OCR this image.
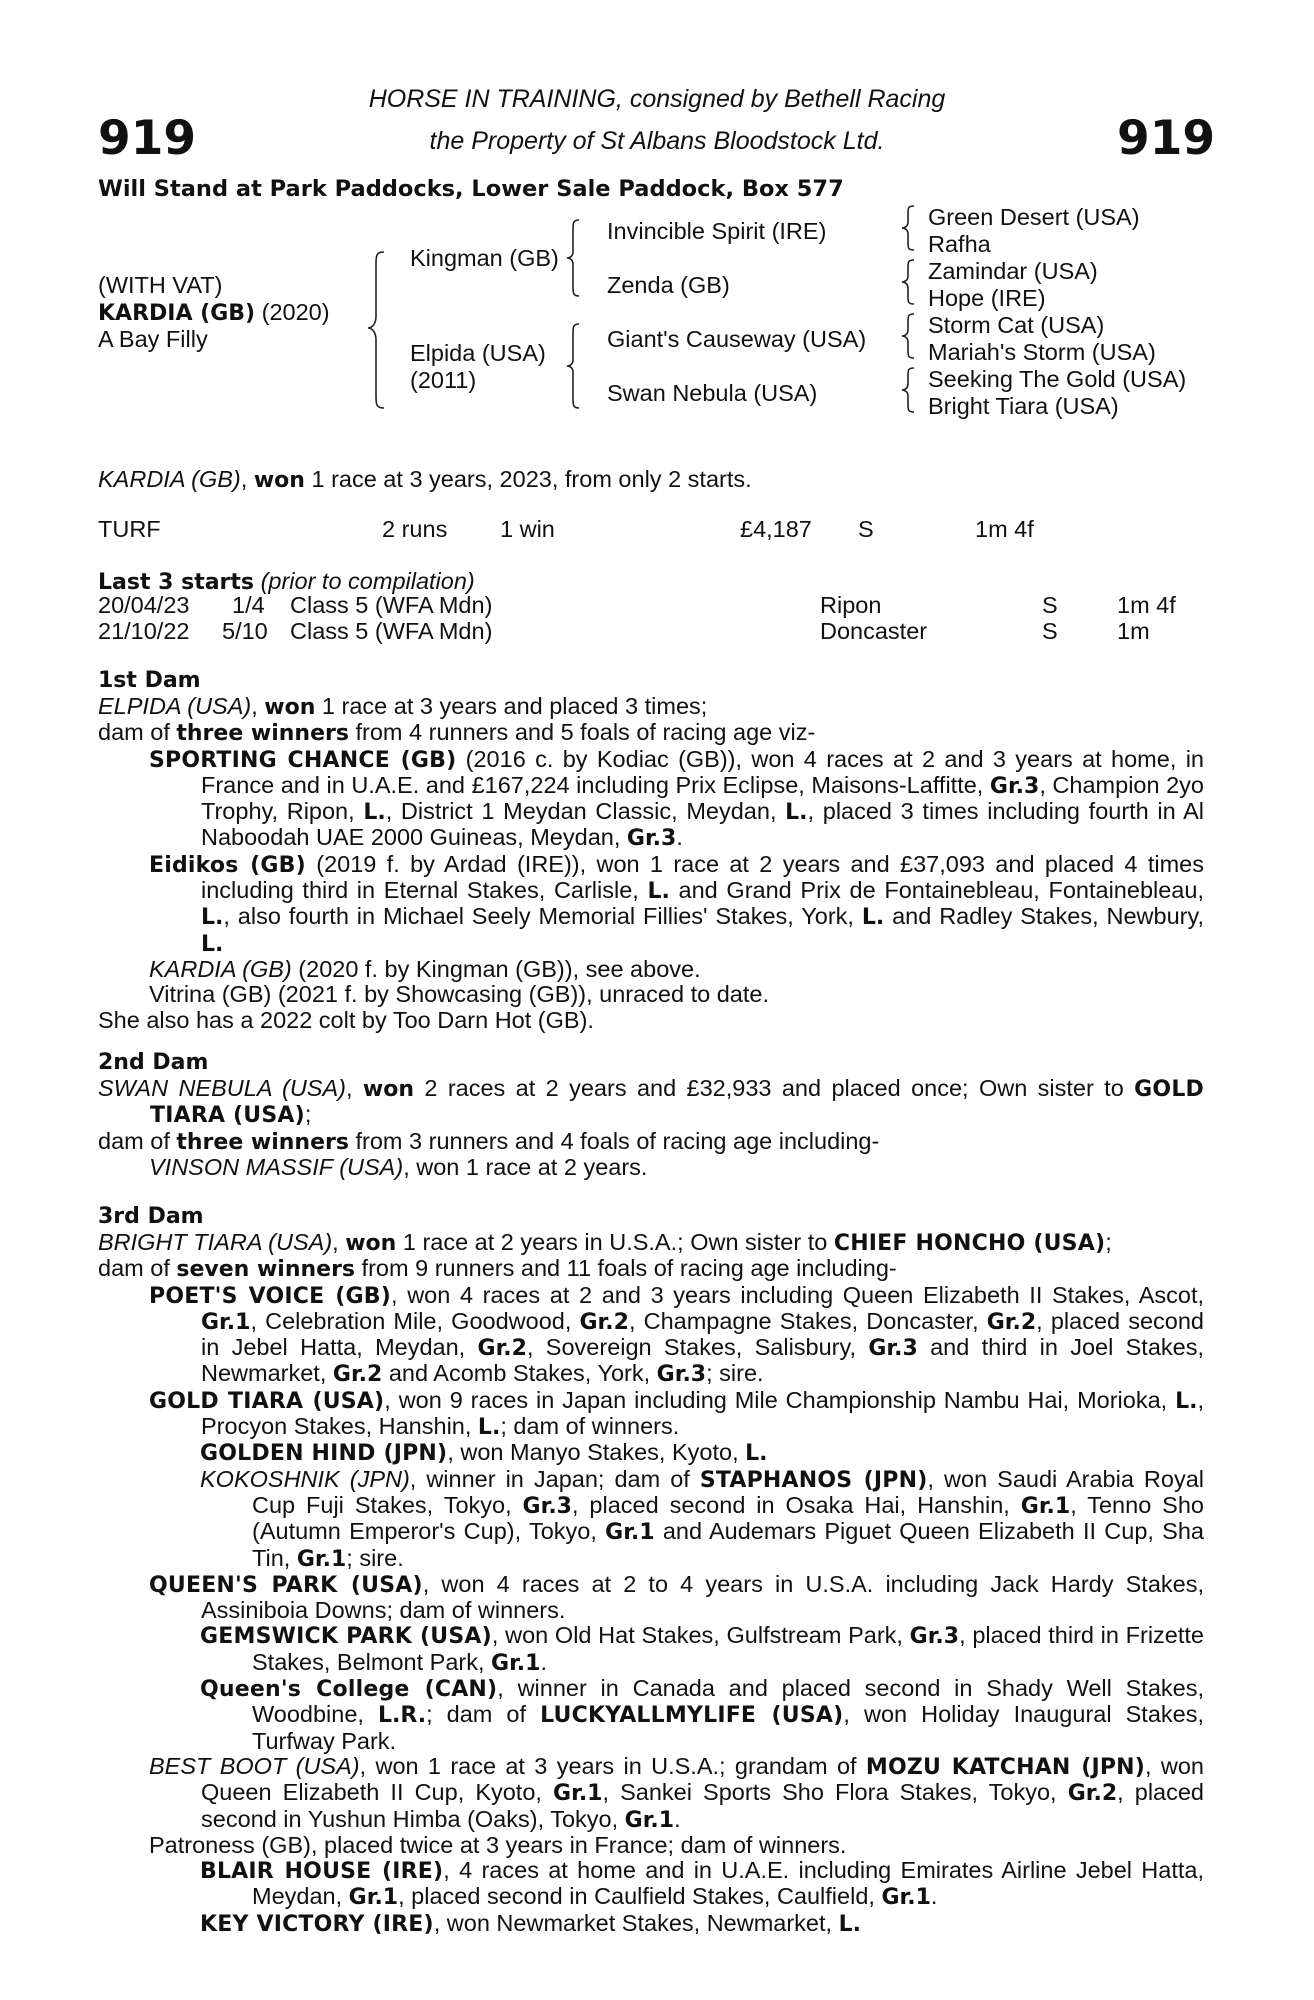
919	919
HORSE IN TRAINING, consigned by Bethell Racing
the Property of St Albans Bloodstock Ltd.
Will Stand at Park Paddocks, Lower Sale Paddock, Box 577
(WITH VAT)
KARDIA (GB) (2020)
A Bay Filly
Kingman (GB)
Elpida (USA)
(2011)
Invincible Spirit (IRE)
Zenda (GB)
Giant's Causeway (USA)
Swan Nebula (USA)
Green Desert (USA)
Rafha
Zamindar (USA)
Hope (IRE)
Storm Cat (USA)
Mariah's Storm (USA)
Seeking The Gold (USA)
Bright Tiara (USA)
KARDIA (GB), won 1 race at 3 years, 2023, from only 2 starts.
TURF	2 runs 1 win	£4,187 S	1m 4f
Last 3 starts (prior to compilation)
20/04/23 1/4 Class 5 (WFA Mdn)	Ripon	S	1m 4f
21/10/22 5/10 Class 5 (WFA Mdn)	Doncaster	S	1m

1st Dam

ELPIDA (USA), won 1 race at 3 years and placed 3 times;

dam of three winners from 4 runners and 5 foals of racing age viz-

SPORTING CHANCE (GB) (2016 c. by Kodiac (GB)), won 4 races at 2 and 3 years at home, in France and in U.A.E. and £167,224 including Prix Eclipse, Maisons-Laffitte, Gr.3, Champion 2yo Trophy, Ripon, L., District 1 Meydan Classic, Meydan, L., placed 3 times including fourth in Al Naboodah UAE 2000 Guineas, Meydan, Gr.3.

Eidikos (GB) (2019 f. by Ardad (IRE)), won 1 race at 2 years and £37,093 and placed 4 times including third in Eternal Stakes, Carlisle, L. and Grand Prix de Fontainebleau, Fontainebleau, L., also fourth in Michael Seely Memorial Fillies' Stakes, York, L. and Radley Stakes, Newbury, L.

KARDIA (GB) (2020 f. by Kingman (GB)), see above.

Vitrina (GB) (2021 f. by Showcasing (GB)), unraced to date.

She also has a 2022 colt by Too Darn Hot (GB).

2nd Dam

SWAN NEBULA (USA), won 2 races at 2 years and £32,933 and placed once; Own sister to GOLD TIARA (USA);

dam of three winners from 3 runners and 4 foals of racing age including-

VINSON MASSIF (USA), won 1 race at 2 years.

3rd Dam

BRIGHT TIARA (USA), won 1 race at 2 years in U.S.A.; Own sister to CHIEF HONCHO (USA);

dam of seven winners from 9 runners and 11 foals of racing age including-

POET'S VOICE (GB), won 4 races at 2 and 3 years including Queen Elizabeth II Stakes, Ascot, Gr.1, Celebration Mile, Goodwood, Gr.2, Champagne Stakes, Doncaster, Gr.2, placed second in Jebel Hatta, Meydan, Gr.2, Sovereign Stakes, Salisbury, Gr.3 and third in Joel Stakes, Newmarket, Gr.2 and Acomb Stakes, York, Gr.3; sire.

GOLD TIARA (USA), won 9 races in Japan including Mile Championship Nambu Hai, Morioka, L., Procyon Stakes, Hanshin, L.; dam of winners.

GOLDEN HIND (JPN), won Manyo Stakes, Kyoto, L.

KOKOSHNIK (JPN), winner in Japan; dam of STAPHANOS (JPN), won Saudi Arabia Royal Cup Fuji Stakes, Tokyo, Gr.3, placed second in Osaka Hai, Hanshin, Gr.1, Tenno Sho (Autumn Emperor's Cup), Tokyo, Gr.1 and Audemars Piguet Queen Elizabeth II Cup, Sha Tin, Gr.1; sire.

QUEEN'S PARK (USA), won 4 races at 2 to 4 years in U.S.A. including Jack Hardy Stakes, Assiniboia Downs; dam of winners.

GEMSWICK PARK (USA), won Old Hat Stakes, Gulfstream Park, Gr.3, placed third in Frizette Stakes, Belmont Park, Gr.1.

Queen's College (CAN), winner in Canada and placed second in Shady Well Stakes, Woodbine, L.R.; dam of LUCKYALLMYLIFE (USA), won Holiday Inaugural Stakes, Turfway Park.

BEST BOOT (USA), won 1 race at 3 years in U.S.A.; grandam of MOZU KATCHAN (JPN), won Queen Elizabeth II Cup, Kyoto, Gr.1, Sankei Sports Sho Flora Stakes, Tokyo, Gr.2, placed second in Yushun Himba (Oaks), Tokyo, Gr.1.

Patroness (GB), placed twice at 3 years in France; dam of winners.

BLAIR HOUSE (IRE), 4 races at home and in U.A.E. including Emirates Airline Jebel Hatta, Meydan, Gr.1, placed second in Caulfield Stakes, Caulfield, Gr.1.

KEY VICTORY (IRE), won Newmarket Stakes, Newmarket, L.
